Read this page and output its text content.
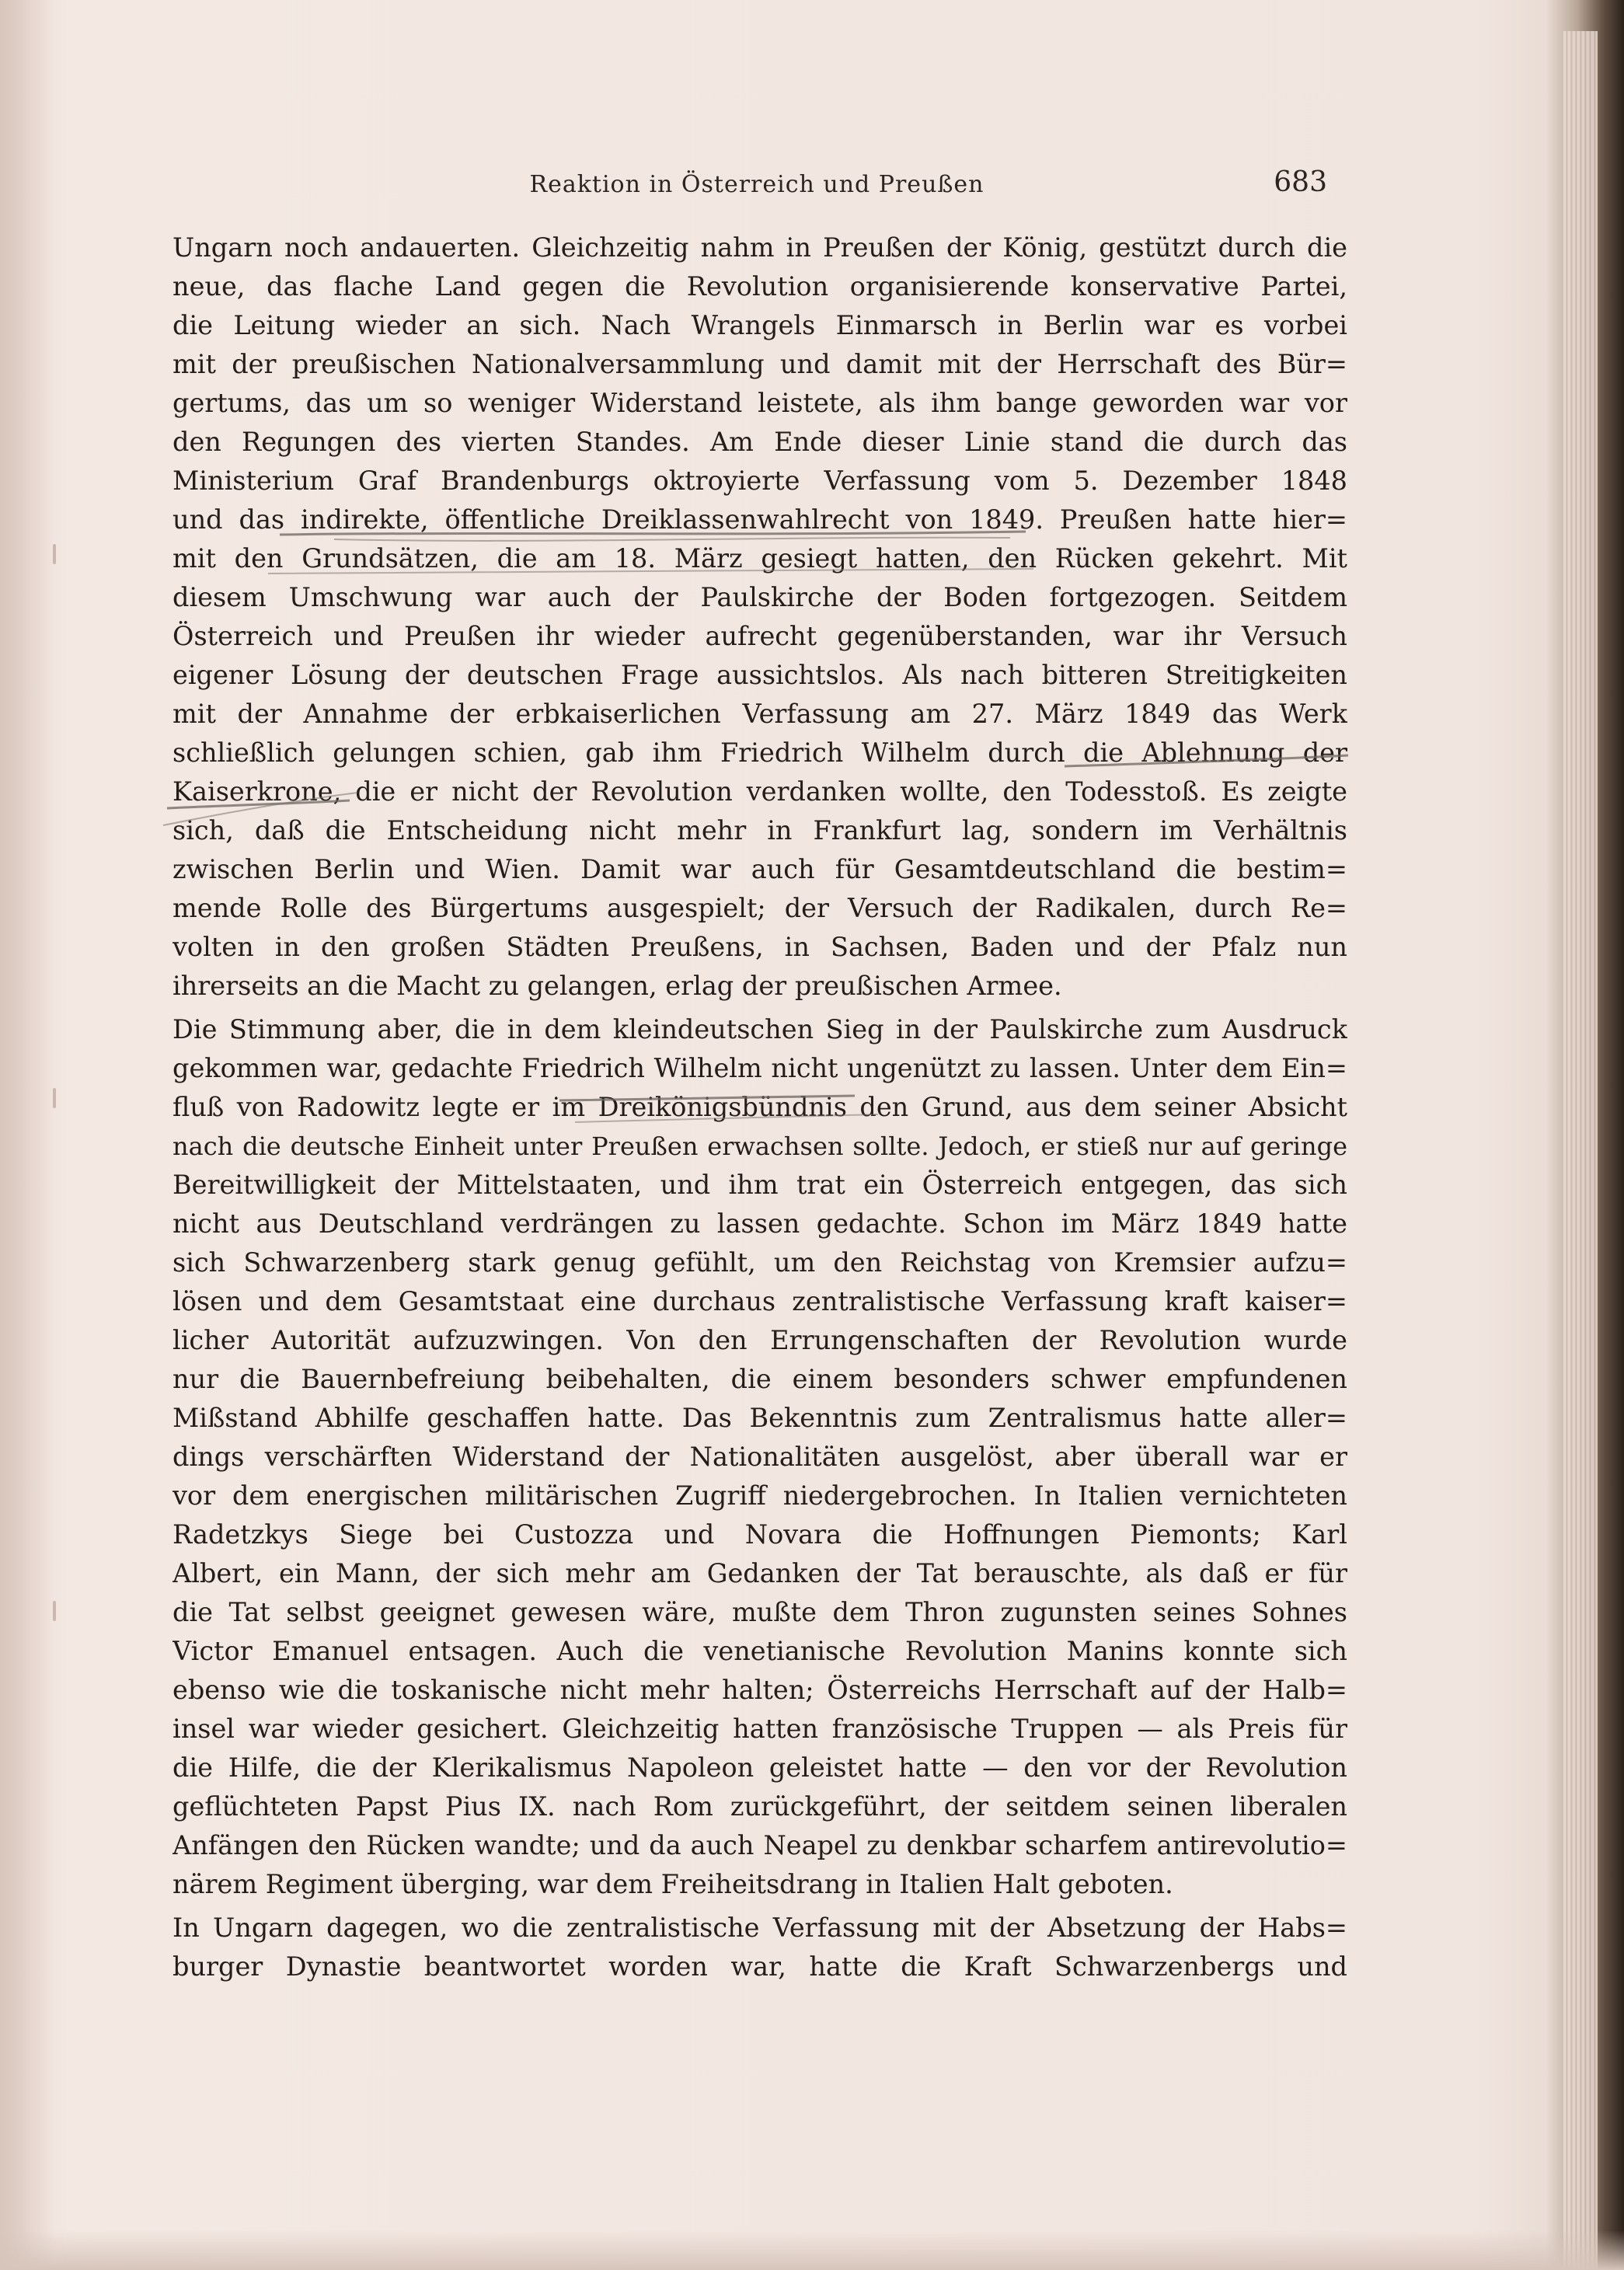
Reaktion in Österreich und Preußen	683
Ungarn noch andauerten. Gleichzeitig nahm in Preußen der König, gestützt durch die
neue, das flache Land gegen die Revolution organisierende konservative Partei,
die Leitung wieder an sich. Nach Wrangels Einmarsch in Berlin war es vorbei
mit der preußischen Nationalversammlung und damit mit der Herrschaft des Bür=
gertums, das um so weniger Widerstand leistete, als ihm bange geworden war vor
den Regungen des vierten Standes. Am Ende dieser Linie stand die durch das
Ministerium Graf Brandenburgs oktroyierte Verfassung vom 5. Dezember 1848
und das indirekte, öffentliche Dreiklassenwahlrecht von 1849. Preußen hatte hier=
mit den Grundsätzen, die am 18. März gesiegt hatten, den Rücken gekehrt. Mit
diesem Umschwung war auch der Paulskirche der Boden fortgezogen. Seitdem
Österreich und Preußen ihr wieder aufrecht gegenüberstanden, war ihr Versuch
eigener Lösung der deutschen Frage aussichtslos. Als nach bitteren Streitigkeiten
mit der Annahme der erbkaiserlichen Verfassung am 27. März 1849 das Werk
schließlich gelungen schien, gab ihm Friedrich Wilhelm durch die Ablehnung der
Kaiserkrone, die er nicht der Revolution verdanken wollte, den Todesstoß. Es zeigte
sich, daß die Entscheidung nicht mehr in Frankfurt lag, sondern im Verhältnis
zwischen Berlin und Wien. Damit war auch für Gesamtdeutschland die bestim=
mende Rolle des Bürgertums ausgespielt; der Versuch der Radikalen, durch Re=
volten in den großen Städten Preußens, in Sachsen, Baden und der Pfalz nun
ihrerseits an die Macht zu gelangen, erlag der preußischen Armee.
Die Stimmung aber, die in dem kleindeutschen Sieg in der Paulskirche zum Ausdruck
gekommen war, gedachte Friedrich Wilhelm nicht ungenützt zu lassen. Unter dem Ein=
fluß von Radowitz legte er im Dreikönigsbündnis den Grund, aus dem seiner Absicht
nach die deutsche Einheit unter Preußen erwachsen sollte. Jedoch, er stieß nur auf geringe
Bereitwilligkeit der Mittelstaaten, und ihm trat ein Österreich entgegen, das sich
nicht aus Deutschland verdrängen zu lassen gedachte. Schon im März 1849 hatte
sich Schwarzenberg stark genug gefühlt, um den Reichstag von Kremsier aufzu=
lösen und dem Gesamtstaat eine durchaus zentralistische Verfassung kraft kaiser=
licher Autorität aufzuzwingen. Von den Errungenschaften der Revolution wurde
nur die Bauernbefreiung beibehalten, die einem besonders schwer empfundenen
Mißstand Abhilfe geschaffen hatte. Das Bekenntnis zum Zentralismus hatte aller=
dings verschärften Widerstand der Nationalitäten ausgelöst, aber überall war er
vor dem energischen militärischen Zugriff niedergebrochen. In Italien vernichteten
Radetzkys Siege bei Custozza und Novara die Hoffnungen Piemonts; Karl
Albert, ein Mann, der sich mehr am Gedanken der Tat berauschte, als daß er für
die Tat selbst geeignet gewesen wäre, mußte dem Thron zugunsten seines Sohnes
Victor Emanuel entsagen. Auch die venetianische Revolution Manins konnte sich
ebenso wie die toskanische nicht mehr halten; Österreichs Herrschaft auf der Halb=
insel war wieder gesichert. Gleichzeitig hatten französische Truppen — als Preis für
die Hilfe, die der Klerikalismus Napoleon geleistet hatte — den vor der Revolution
geflüchteten Papst Pius IX. nach Rom zurückgeführt, der seitdem seinen liberalen
Anfängen den Rücken wandte; und da auch Neapel zu denkbar scharfem antirevolutio=
närem Regiment überging, war dem Freiheitsdrang in Italien Halt geboten.
In Ungarn dagegen, wo die zentralistische Verfassung mit der Absetzung der Habs=
burger Dynastie beantwortet worden war, hatte die Kraft Schwarzenbergs und
